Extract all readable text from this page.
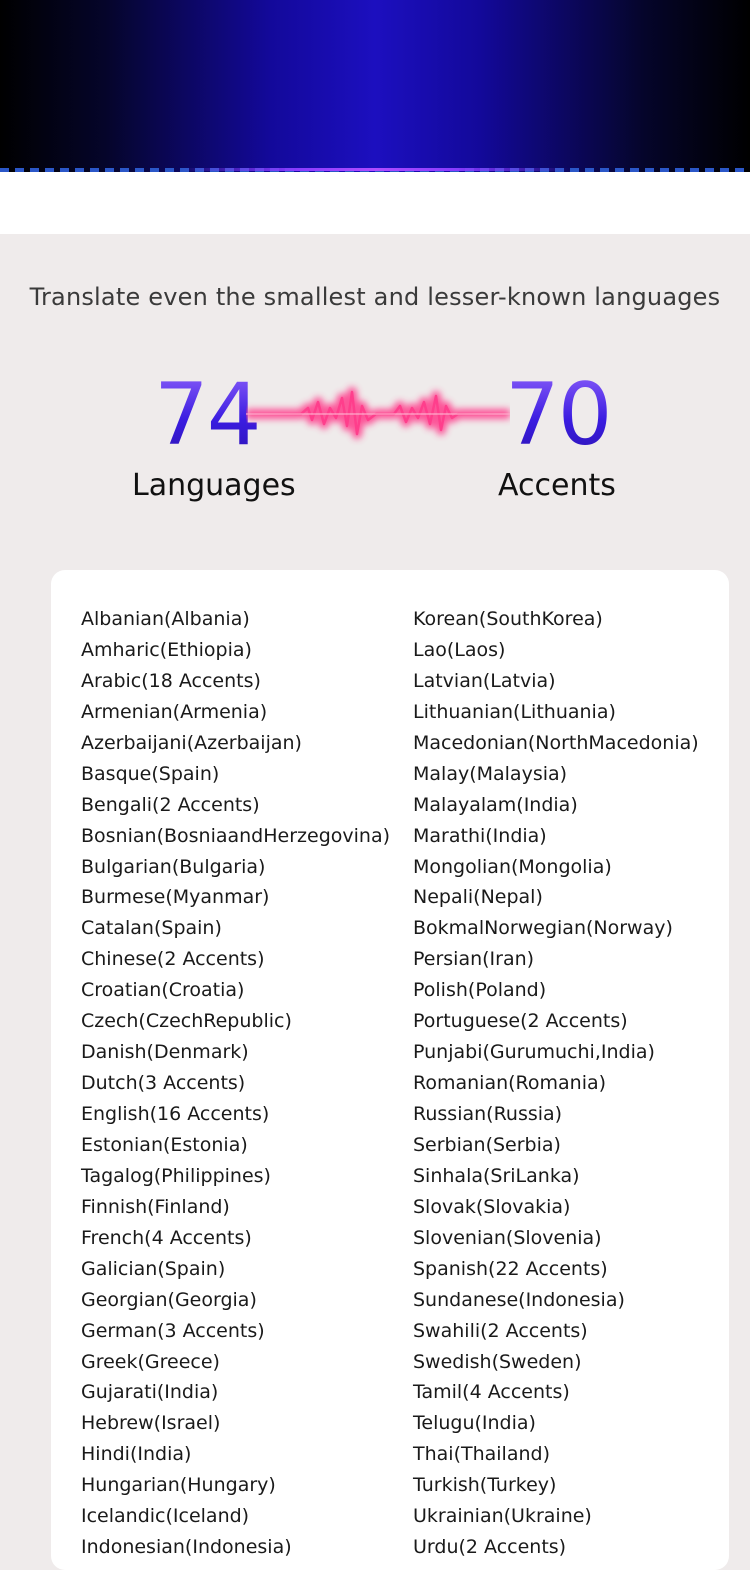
Translate even the smallest and lesser-known languages
74	70
Languages	Accents
Albanian(Albania)
Amharic(Ethiopia)
Arabic(18 Accents)
Armenian(Armenia)
Azerbaijani(Azerbaijan)
Basque(Spain)
Bengali(2 Accents)
Bosnian(BosniaandHerzegovina)
Bulgarian(Bulgaria)
Burmese(Myanmar)
Catalan(Spain)
Chinese(2 Accents)
Croatian(Croatia)
Czech(CzechRepublic)
Danish(Denmark)
Dutch(3 Accents)
English(16 Accents)
Estonian(Estonia)
Tagalog(Philippines)
Finnish(Finland)
French(4 Accents)
Galician(Spain)
Georgian(Georgia)
German(3 Accents)
Greek(Greece)
Gujarati(India)
Hebrew(Israel)
Hindi(India)
Hungarian(Hungary)
Icelandic(Iceland)
Indonesian(Indonesia)
Korean(SouthKorea)
Lao(Laos)
Latvian(Latvia)
Lithuanian(Lithuania)
Macedonian(NorthMacedonia)
Malay(Malaysia)
Malayalam(India)
Marathi(India)
Mongolian(Mongolia)
Nepali(Nepal)
BokmalNorwegian(Norway)
Persian(Iran)
Polish(Poland)
Portuguese(2 Accents)
Punjabi(Gurumuchi,India)
Romanian(Romania)
Russian(Russia)
Serbian(Serbia)
Sinhala(SriLanka)
Slovak(Slovakia)
Slovenian(Slovenia)
Spanish(22 Accents)
Sundanese(Indonesia)
Swahili(2 Accents)
Swedish(Sweden)
Tamil(4 Accents)
Telugu(India)
Thai(Thailand)
Turkish(Turkey)
Ukrainian(Ukraine)
Urdu(2 Accents)
